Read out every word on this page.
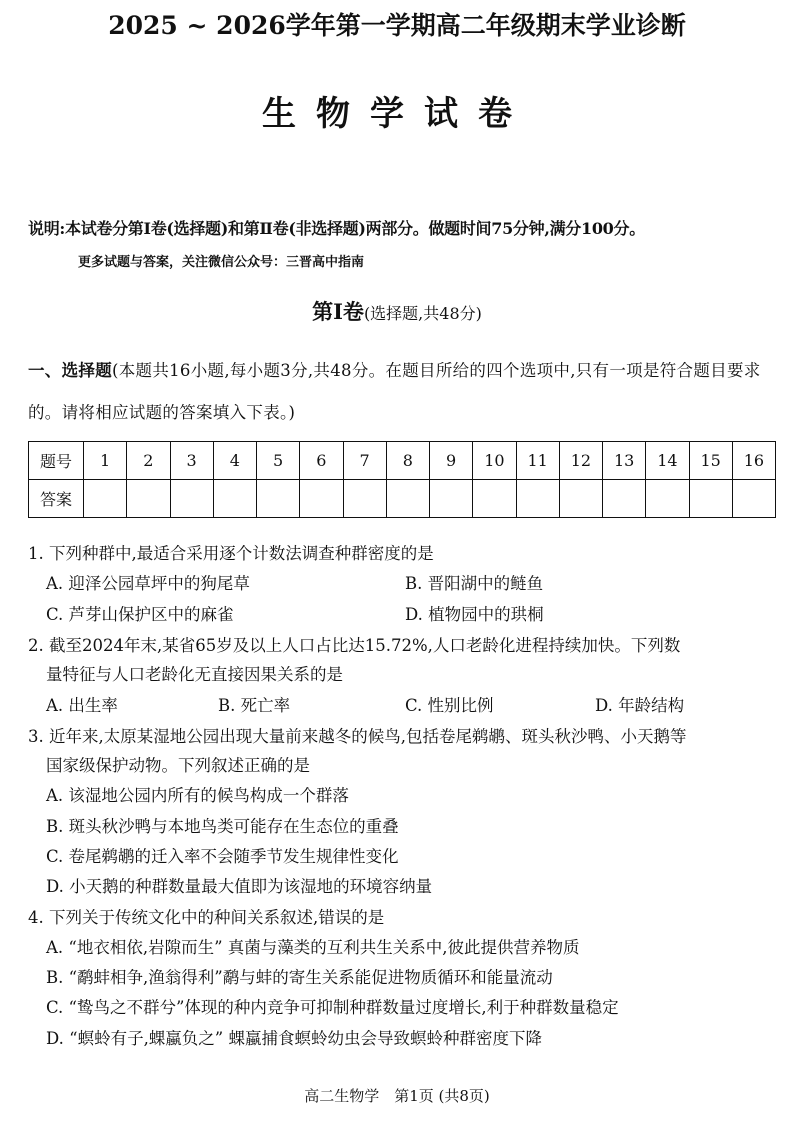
2025 ~ 2026学年第一学期高二年级期末学业诊断
生物学试卷
说明:本试卷分第Ⅰ卷(选择题)和第Ⅱ卷(非选择题)两部分。做题时间75分钟,满分100分。
更多试题与答案，关注微信公众号：三晋高中指南
第Ⅰ卷(选择题,共48分)
一、选择题(本题共16小题,每小题3分,共48分。在题目所给的四个选项中,只有一项是符合题目要求的。请将相应试题的答案填入下表。)
题号	1	2	3	4	5	6	7	8	9	10	11	12	13	14	15	16
答案																
1. 下列种群中,最适合采用逐个计数法调查种群密度的是
A. 迎泽公园草坪中的狗尾草	B. 晋阳湖中的鲢鱼
C. 芦芽山保护区中的麻雀	D. 植物园中的珙桐
2. 截至2024年末,某省65岁及以上人口占比达15.72%,人口老龄化进程持续加快。下列数
量特征与人口老龄化无直接因果关系的是
A. 出生率	B. 死亡率	C. 性别比例	D. 年龄结构
3. 近年来,太原某湿地公园出现大量前来越冬的候鸟,包括卷尾鹈鹕、斑头秋沙鸭、小天鹅等
国家级保护动物。下列叙述正确的是
A. 该湿地公园内所有的候鸟构成一个群落
B. 斑头秋沙鸭与本地鸟类可能存在生态位的重叠
C. 卷尾鹈鹕的迁入率不会随季节发生规律性变化
D. 小天鹅的种群数量最大值即为该湿地的环境容纳量
4. 下列关于传统文化中的种间关系叙述,错误的是
A. “地衣相依,岩隙而生” 真菌与藻类的互利共生关系中,彼此提供营养物质
B. “鹬蚌相争,渔翁得利”鹬与蚌的寄生关系能促进物质循环和能量流动
C. “鸷鸟之不群兮”体现的种内竞争可抑制种群数量过度增长,利于种群数量稳定
D. “螟蛉有子,蜾蠃负之” 蜾蠃捕食螟蛉幼虫会导致螟蛉种群密度下降
高二生物学　第1页 (共8页)
